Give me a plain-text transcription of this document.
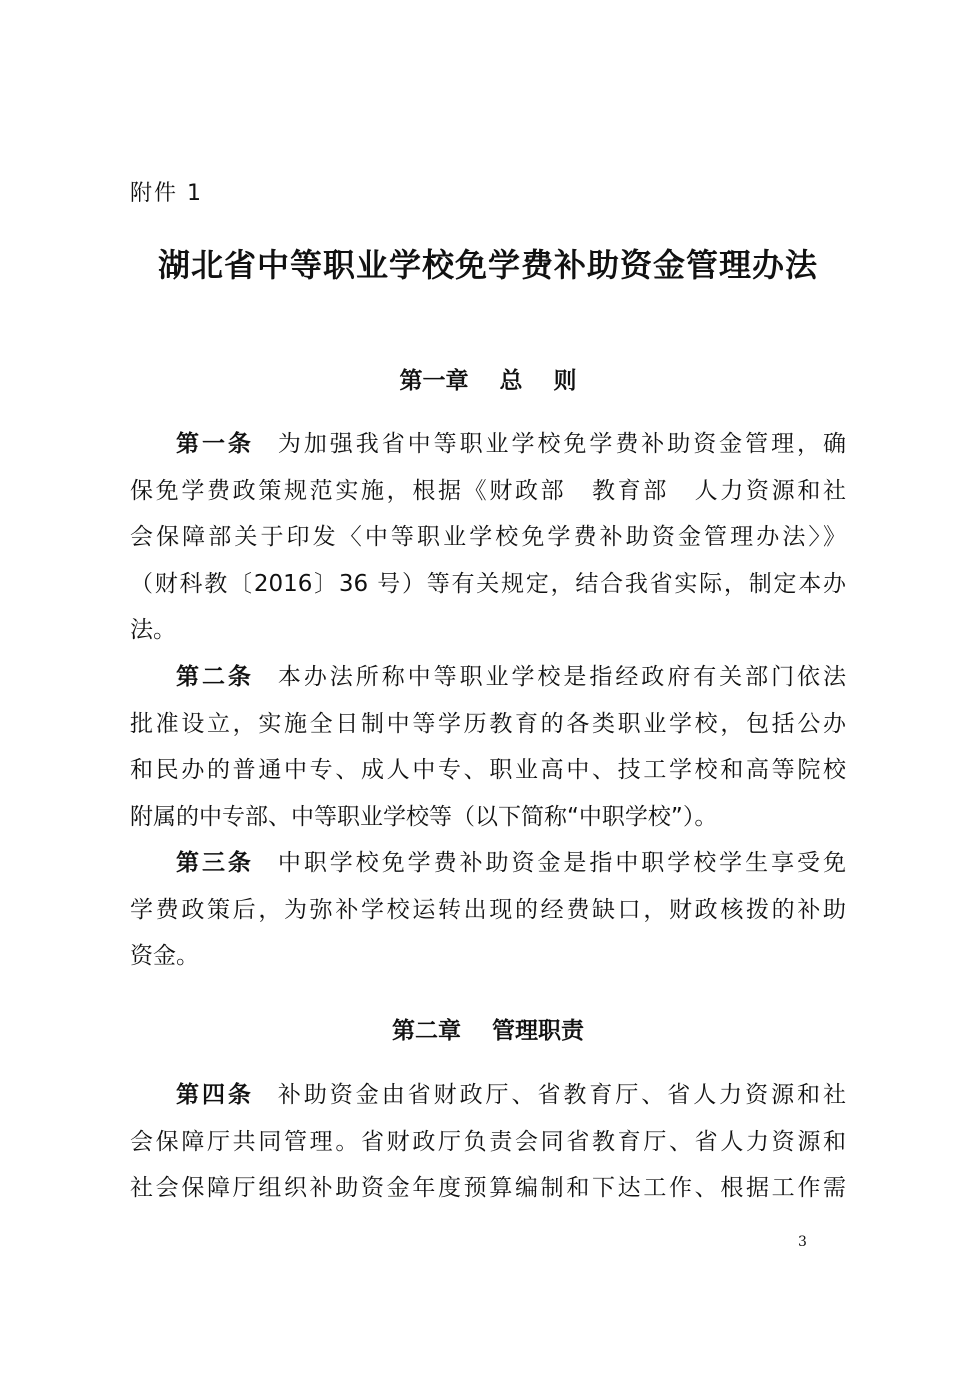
附件 1
湖北省中等职业学校免学费补助资金管理办法
第一章　 总　 则
第一条 为加强我省中等职业学校免学费补助资金管理，确
保免学费政策规范实施，根据《财政部　教育部　人力资源和社
会保障部关于印发〈中等职业学校免学费补助资金管理办法〉》
（财科教〔2016〕36 号）等有关规定，结合我省实际，制定本办
法。
第二条 本办法所称中等职业学校是指经政府有关部门依法
批准设立，实施全日制中等学历教育的各类职业学校，包括公办
和民办的普通中专、成人中专、职业高中、技工学校和高等院校
附属的中专部、中等职业学校等（以下简称“中职学校”）。
第三条 中职学校免学费补助资金是指中职学校学生享受免
学费政策后，为弥补学校运转出现的经费缺口，财政核拨的补助
资金。
第二章　 管理职责
第四条 补助资金由省财政厅、省教育厅、省人力资源和社
会保障厅共同管理。省财政厅负责会同省教育厅、省人力资源和
社会保障厅组织补助资金年度预算编制和下达工作、根据工作需
3
